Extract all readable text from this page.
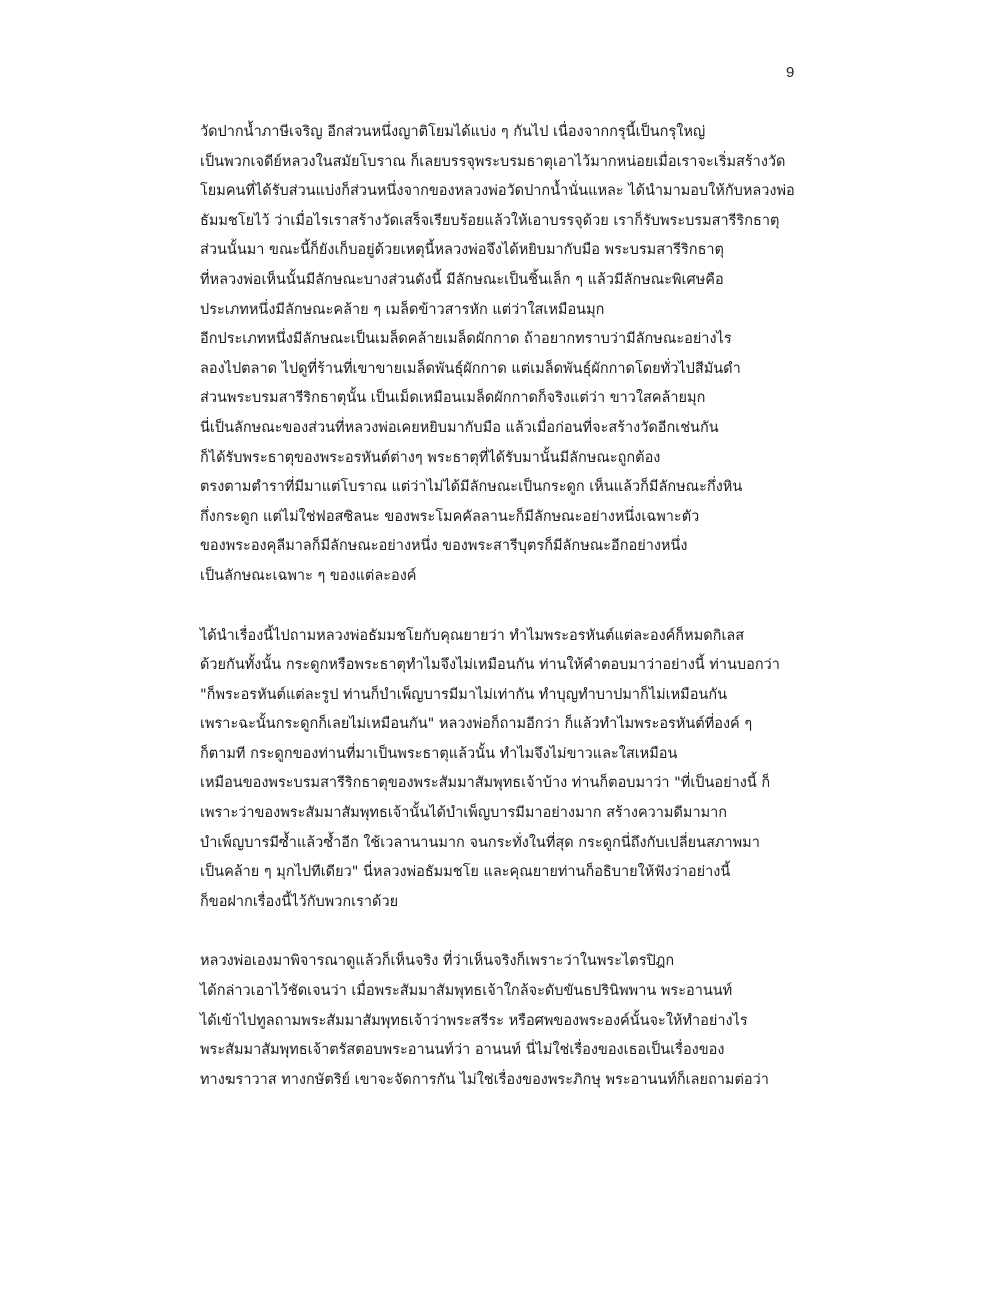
9
วัดปากน้ำภาษีเจริญ อีกส่วนหนึ่งญาติโยมได้แบ่ง ๆ กันไป เนื่องจากกรุนี้เป็นกรุใหญ่
เป็นพวกเจดีย์หลวงในสมัยโบราณ ก็เลยบรรจุพระบรมธาตุเอาไว้มากหน่อยเมื่อเราจะเริ่มสร้างวัด
โยมคนที่ได้รับส่วนแบ่งก็ส่วนหนึ่งจากของหลวงพ่อวัดปากน้ำนั่นแหละ ได้นำมามอบให้กับหลวงพ่อ
ธัมมชโยไว้ ว่าเมื่อไรเราสร้างวัดเสร็จเรียบร้อยแล้วให้เอาบรรจุด้วย เราก็รับพระบรมสารีริกธาตุ
ส่วนนั้นมา ขณะนี้ก็ยังเก็บอยู่ด้วยเหตุนี้หลวงพ่อจึงได้หยิบมากับมือ พระบรมสารีริกธาตุ
ที่หลวงพ่อเห็นนั้นมีลักษณะบางส่วนดังนี้ มีลักษณะเป็นชิ้นเล็ก ๆ แล้วมีลักษณะพิเศษคือ
ประเภทหนึ่งมีลักษณะคล้าย ๆ เมล็ดข้าวสารหัก แต่ว่าใสเหมือนมุก
อีกประเภทหนึ่งมีลักษณะเป็นเมล็ดคล้ายเมล็ดผักกาด ถ้าอยากทราบว่ามีลักษณะอย่างไร
ลองไปตลาด ไปดูที่ร้านที่เขาขายเมล็ดพันธุ์ผักกาด แต่เมล็ดพันธุ์ผักกาดโดยทั่วไปสีมันดำ
ส่วนพระบรมสารีริกธาตุนั้น เป็นเม็ดเหมือนเมล็ดผักกาดก็จริงแต่ว่า ขาวใสคล้ายมุก
นี่เป็นลักษณะของส่วนที่หลวงพ่อเคยหยิบมากับมือ แล้วเมื่อก่อนที่จะสร้างวัดอีกเช่นกัน
ก็ได้รับพระธาตุของพระอรหันต์ต่างๆ พระธาตุที่ได้รับมานั้นมีลักษณะถูกต้อง
ตรงตามตำราที่มีมาแต่โบราณ แต่ว่าไม่ได้มีลักษณะเป็นกระดูก เห็นแล้วก็มีลักษณะกึ่งหิน
กึ่งกระดูก แต่ไม่ใช่ฟอสซิลนะ ของพระโมคคัลลานะก็มีลักษณะอย่างหนึ่งเฉพาะตัว
ของพระองคุลีมาลก็มีลักษณะอย่างหนึ่ง ของพระสารีบุตรก็มีลักษณะอีกอย่างหนึ่ง
เป็นลักษณะเฉพาะ ๆ ของแต่ละองค์
ได้นำเรื่องนี้ไปถามหลวงพ่อธัมมชโยกับคุณยายว่า ทำไมพระอรหันต์แต่ละองค์ก็หมดกิเลส
ด้วยกันทั้งนั้น กระดูกหรือพระธาตุทำไมจึงไม่เหมือนกัน ท่านให้คำตอบมาว่าอย่างนี้ ท่านบอกว่า
"ก็พระอรหันต์แต่ละรูป ท่านก็บำเพ็ญบารมีมาไม่เท่ากัน ทำบุญทำบาปมาก็ไม่เหมือนกัน
เพราะฉะนั้นกระดูกก็เลยไม่เหมือนกัน" หลวงพ่อก็ถามอีกว่า ก็แล้วทำไมพระอรหันต์ที่องค์ ๆ
ก็ตามที กระดูกของท่านที่มาเป็นพระธาตุแล้วนั้น ทำไมจึงไม่ขาวและใสเหมือน
เหมือนของพระบรมสารีริกธาตุของพระสัมมาสัมพุทธเจ้าบ้าง ท่านก็ตอบมาว่า "ที่เป็นอย่างนี้ ก็
เพราะว่าของพระสัมมาสัมพุทธเจ้านั้นได้บำเพ็ญบารมีมาอย่างมาก สร้างความดีมามาก
บำเพ็ญบารมีซ้ำแล้วซ้ำอีก ใช้เวลานานมาก จนกระทั่งในที่สุด กระดูกนี่ถึงกับเปลี่ยนสภาพมา
เป็นคล้าย ๆ มุกไปทีเดียว" นี่หลวงพ่อธัมมชโย และคุณยายท่านก็อธิบายให้ฟังว่าอย่างนี้
ก็ขอฝากเรื่องนี้ไว้กับพวกเราด้วย
หลวงพ่อเองมาพิจารณาดูแล้วก็เห็นจริง ที่ว่าเห็นจริงก็เพราะว่าในพระไตรปิฎก
ได้กล่าวเอาไว้ชัดเจนว่า เมื่อพระสัมมาสัมพุทธเจ้าใกล้จะดับขันธปรินิพพาน พระอานนท์
ได้เข้าไปทูลถามพระสัมมาสัมพุทธเจ้าว่าพระสรีระ หรือศพของพระองค์นั้นจะให้ทำอย่างไร
พระสัมมาสัมพุทธเจ้าตรัสตอบพระอานนท์ว่า อานนท์ นี่ไม่ใช่เรื่องของเธอเป็นเรื่องของ
ทางฆราวาส ทางกษัตริย์ เขาจะจัดการกัน ไม่ใช่เรื่องของพระภิกษุ พระอานนท์ก็เลยถามต่อว่า
